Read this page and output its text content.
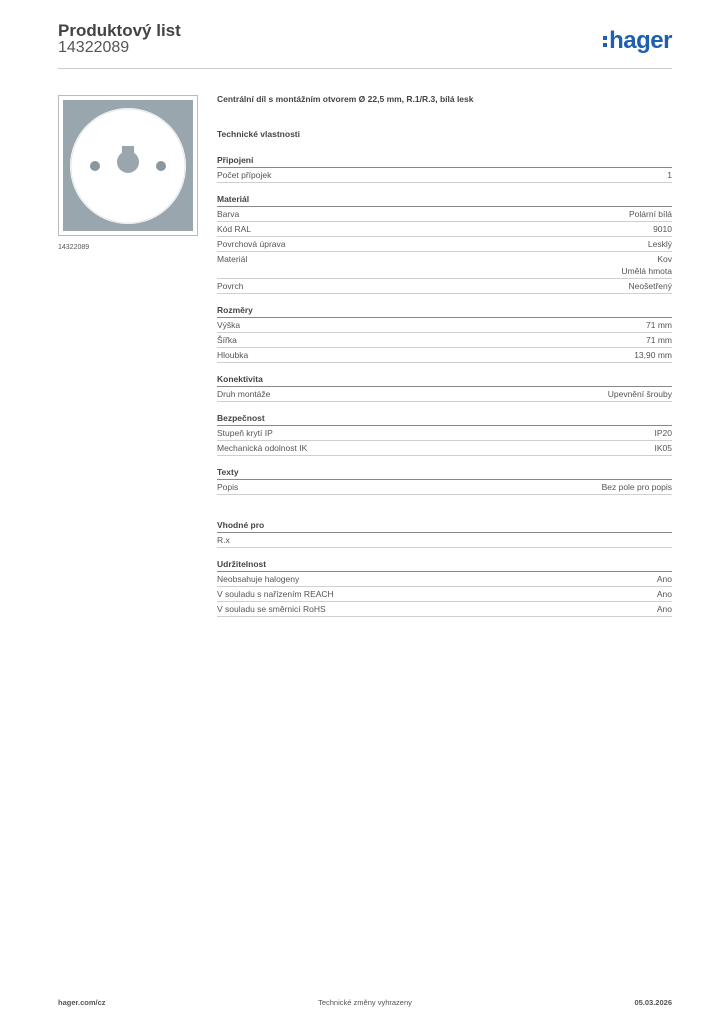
Produktový list
14322089	hager
14322089
Centrální díl s montážním otvorem Ø 22,5 mm, R.1/R.3, bílá lesk
Technické vlastnosti
Připojení
Počet přípojek	1
Materiál
Barva	Polární bílá
Kód RAL	9010
Povrchová úprava	Lesklý
Materiál	Kov
Umělá hmota
Povrch	Neošetřený
Rozměry
Výška	71 mm
Šířka	71 mm
Hloubka	13,90 mm
Konektivita
Druh montáže	Upevnění šrouby
Bezpečnost
Stupeň krytí IP	IP20
Mechanická odolnost IK	IK05
Texty
Popis	Bez pole pro popis
Vhodné pro
R.x
Udržitelnost
Neobsahuje halogeny	Ano
V souladu s nařízením REACH	Ano
V souladu se směrnicí RoHS	Ano
hager.com/cz	Technické změny vyhrazeny	05.03.2026
